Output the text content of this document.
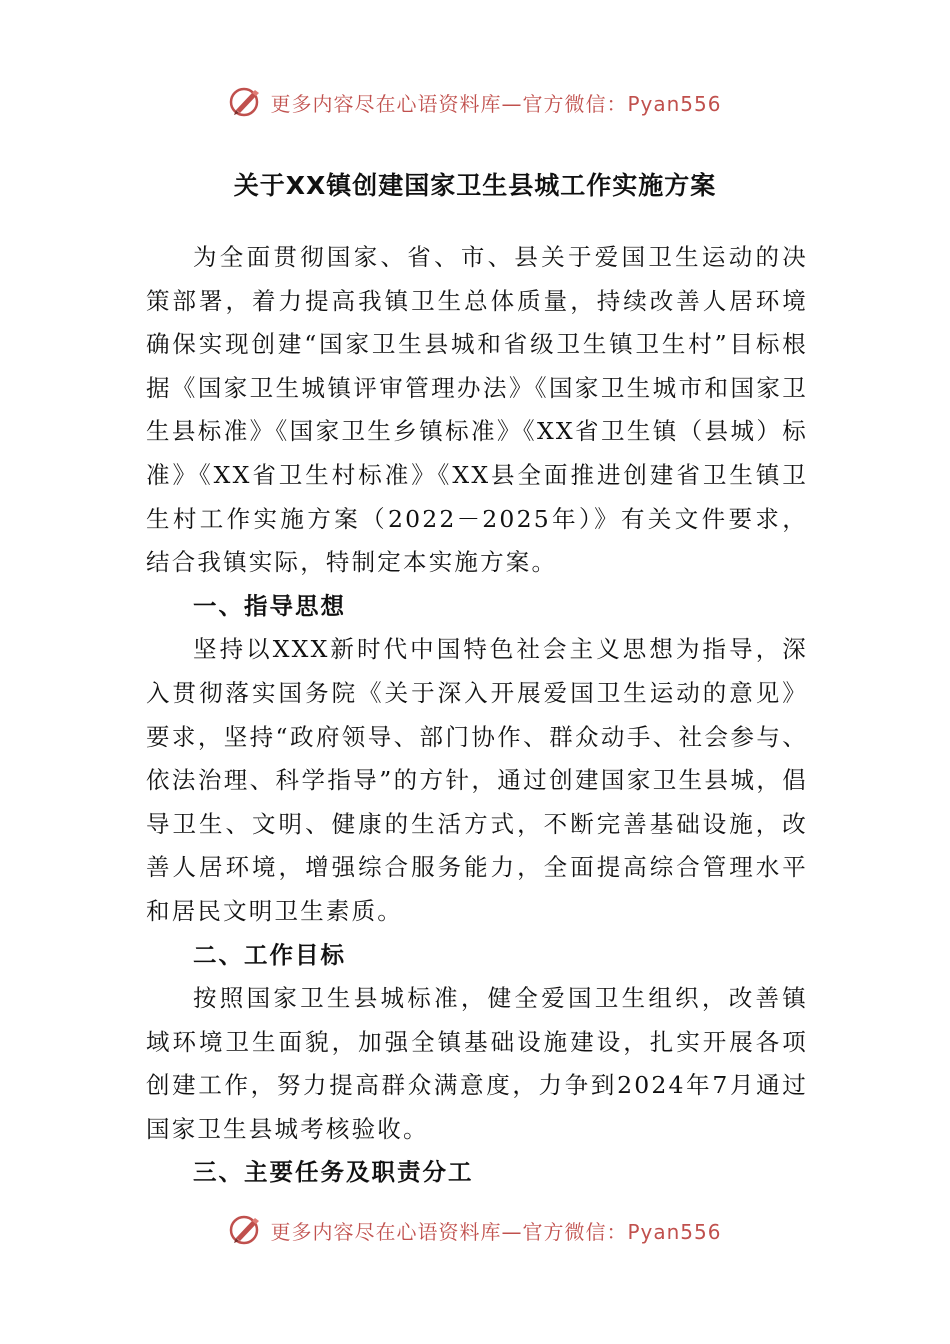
更多内容尽在心语资料库—官方微信：Pyan556
关于XX镇创建国家卫生县城工作实施方案

为全面贯彻国家、省、市、县关于爱国卫生运动的决策部署，着力提高我镇卫生总体质量，持续改善人居环境确保实现创建“国家卫生县城和省级卫生镇卫生村”目标根据《国家卫生城镇评审管理办法》《国家卫生城市和国家卫生县标准》《国家卫生乡镇标准》《XX省卫生镇（县城）标准》《XX省卫生村标准》《XX县全面推进创建省卫生镇卫生村工作实施方案（2022－2025年）》有关文件要求，结合我镇实际，特制定本实施方案。

一、指导思想

坚持以XXX新时代中国特色社会主义思想为指导，深入贯彻落实国务院《关于深入开展爱国卫生运动的意见》要求，坚持“政府领导、部门协作、群众动手、社会参与、依法治理、科学指导”的方针，通过创建国家卫生县城，倡导卫生、文明、健康的生活方式，不断完善基础设施，改善人居环境，增强综合服务能力，全面提高综合管理水平和居民文明卫生素质。

二、工作目标

按照国家卫生县城标准，健全爱国卫生组织，改善镇域环境卫生面貌，加强全镇基础设施建设，扎实开展各项创建工作，努力提高群众满意度，力争到2024年7月通过国家卫生县城考核验收。

三、主要任务及职责分工

更多内容尽在心语资料库—官方微信：Pyan556
